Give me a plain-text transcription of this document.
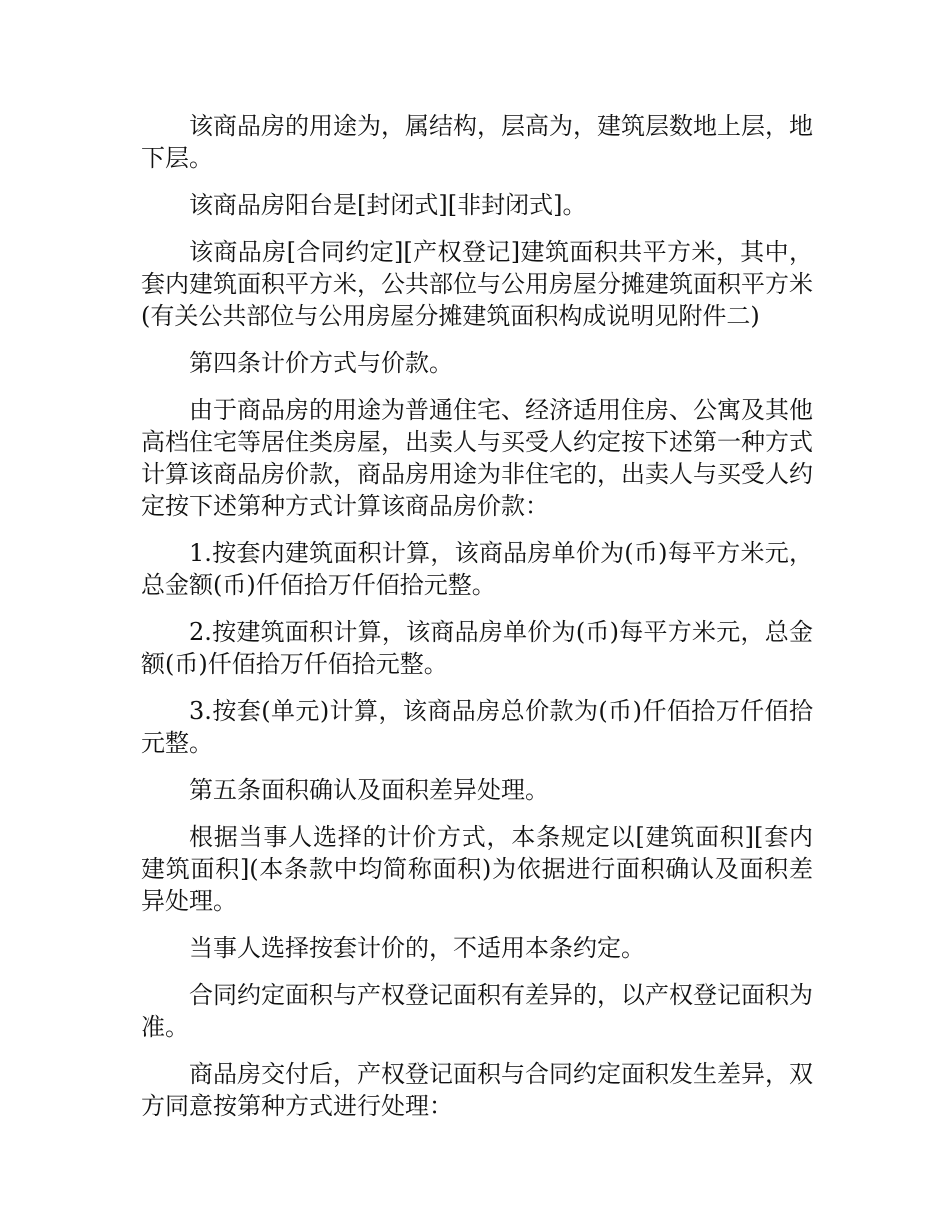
该商品房的用途为，属结构，层高为，建筑层数地上层，地下层。

该商品房阳台是[封闭式][非封闭式]。

该商品房[合同约定][产权登记]建筑面积共平方米，其中，套内建筑面积平方米，公共部位与公用房屋分摊建筑面积平方米(有关公共部位与公用房屋分摊建筑面积构成说明见附件二)

第四条计价方式与价款。

由于商品房的用途为普通住宅、经济适用住房、公寓及其他高档住宅等居住类房屋，出卖人与买受人约定按下述第一种方式计算该商品房价款，商品房用途为非住宅的，出卖人与买受人约定按下述第种方式计算该商品房价款：

1.按套内建筑面积计算，该商品房单价为(币)每平方米元，总金额(币)仟佰拾万仟佰拾元整。

2.按建筑面积计算，该商品房单价为(币)每平方米元，总金额(币)仟佰拾万仟佰拾元整。

3.按套(单元)计算，该商品房总价款为(币)仟佰拾万仟佰拾元整。

第五条面积确认及面积差异处理。

根据当事人选择的计价方式，本条规定以[建筑面积][套内建筑面积](本条款中均简称面积)为依据进行面积确认及面积差异处理。

当事人选择按套计价的，不适用本条约定。

合同约定面积与产权登记面积有差异的，以产权登记面积为准。

商品房交付后，产权登记面积与合同约定面积发生差异，双方同意按第种方式进行处理：
